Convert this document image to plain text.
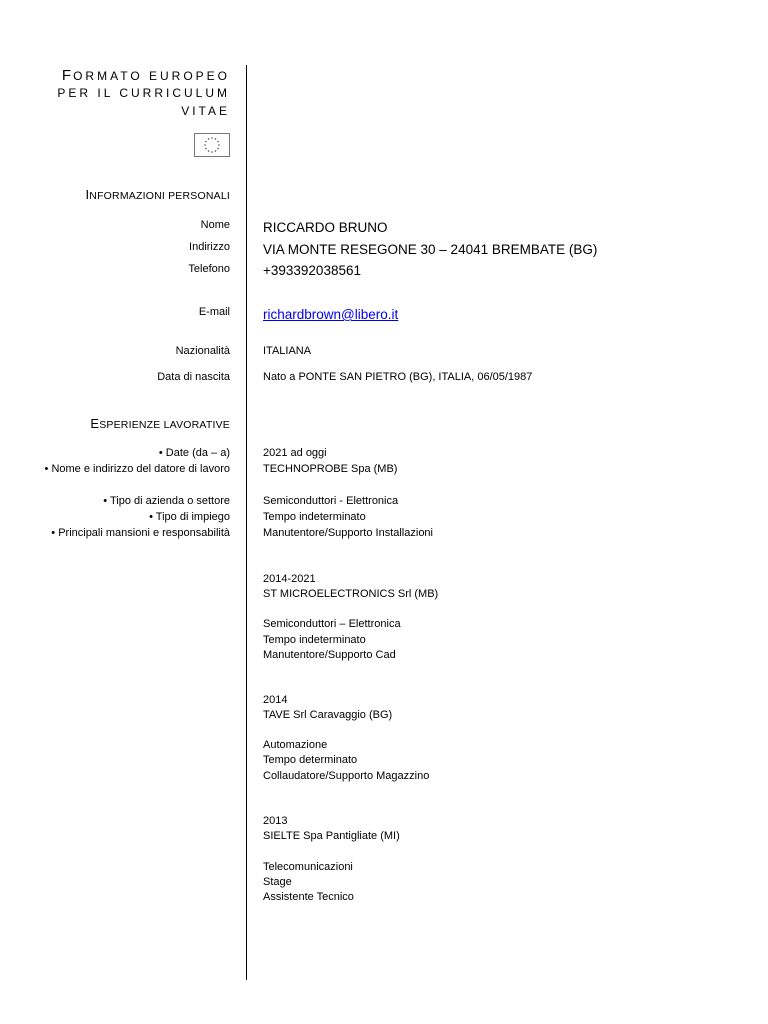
FORMATO EUROPEO
PER IL CURRICULUM
VITAE
INFORMAZIONI PERSONALI
Nome RICCARDO BRUNO
Indirizzo VIA MONTE RESEGONE 30 – 24041 BREMBATE (BG)
Telefono +393392038561
E-mail richardbrown@libero.it
Nazionalità	ITALIANA
Data di nascita	Nato a PONTE SAN PIETRO (BG), ITALIA, 06/05/1987
ESPERIENZE LAVORATIVE
• Date (da – a)
• Nome e indirizzo del datore di lavoro
• Tipo di azienda o settore
• Tipo di impiego
• Principali mansioni e responsabilità
2021 ad oggi
TECHNOPROBE Spa (MB)
Semiconduttori - Elettronica
Tempo indeterminato
Manutentore/Supporto Installazioni
2014-2021
ST MICROELECTRONICS Srl (MB)
Semiconduttori – Elettronica
Tempo indeterminato
Manutentore/Supporto Cad
2014
TAVE Srl Caravaggio (BG)
Automazione
Tempo determinato
Collaudatore/Supporto Magazzino
2013
SIELTE Spa Pantigliate (MI)
Telecomunicazioni
Stage
Assistente Tecnico
